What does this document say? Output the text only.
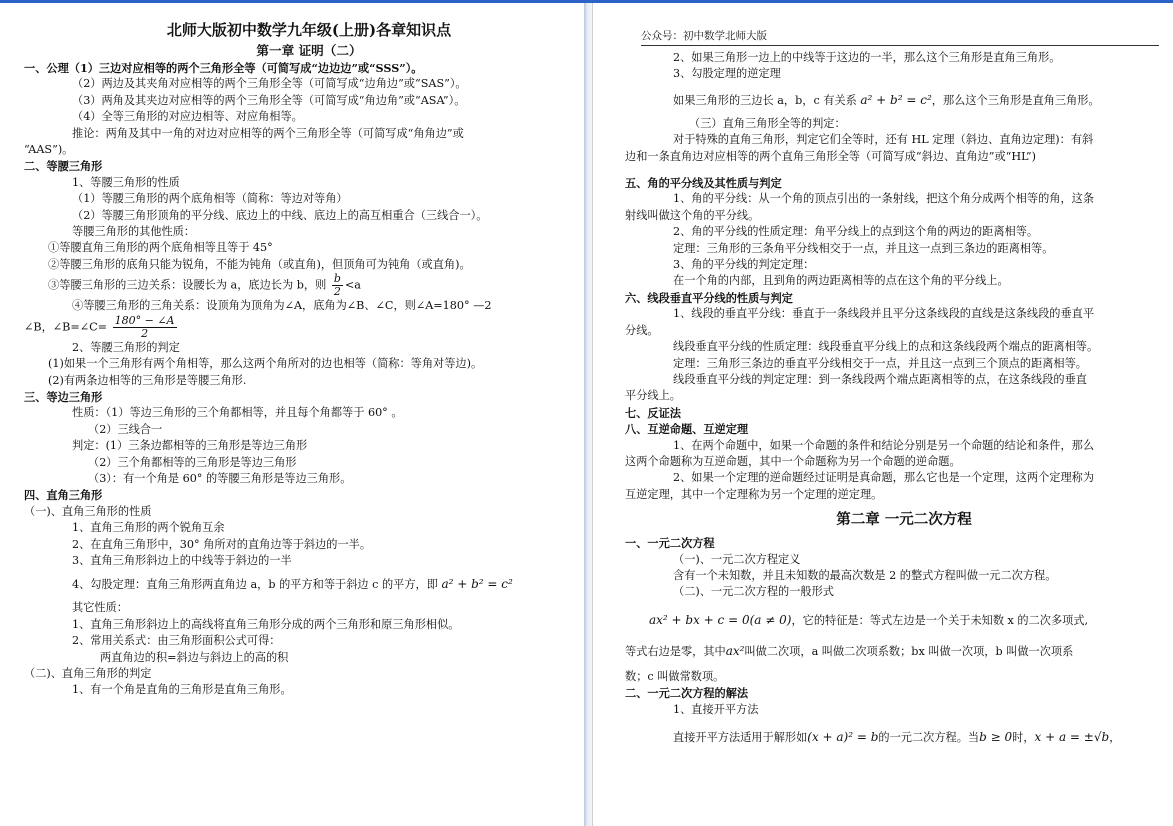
北师大版初中数学九年级(上册)各章知识点
第一章 证明（二）
一、公理（1）三边对应相等的两个三角形全等（可简写成“边边边”或“SSS”）。
（2）两边及其夹角对应相等的两个三角形全等（可简写成“边角边”或“SAS”）。
（3）两角及其夹边对应相等的两个三角形全等（可简写成“角边角”或“ASA”）。
（4）全等三角形的对应边相等、对应角相等。
推论：两角及其中一角的对边对应相等的两个三角形全等（可简写成“角角边”或
“AAS”)。
二、等腰三角形
1、等腰三角形的性质
（1）等腰三角形的两个底角相等（简称：等边对等角）
（2）等腰三角形顶角的平分线、底边上的中线、底边上的高互相重合（三线合一）。
等腰三角形的其他性质：
①等腰直角三角形的两个底角相等且等于 45°
②等腰三角形的底角只能为锐角，不能为钝角（或直角)，但顶角可为钝角（或直角)。
③等腰三角形的三边关系：设腰长为 a，底边长为 b，则 $\frac{b}{2} <a$
④等腰三角形的三角关系：设顶角为顶角为∠A，底角为∠B、∠C，则∠A=180° —2
∠B，∠B=∠C= $\frac{180^\circ - \angle A}{2}$
2、等腰三角形的判定
(1)如果一个三角形有两个角相等，那么这两个角所对的边也相等（简称：等角对等边)。
(2)有两条边相等的三角形是等腰三角形.
三、等边三角形
性质：（1）等边三角形的三个角都相等，并且每个角都等于 60° 。
（2）三线合一
判定：(1）三条边都相等的三角形是等边三角形
（2）三个角都相等的三角形是等边三角形
（3）：有一个角是 60° 的等腰三角形是等边三角形。
四、直角三角形
（一)、直角三角形的性质
1、直角三角形的两个锐角互余
2、在直角三角形中，30° 角所对的直角边等于斜边的一半。
3、直角三角形斜边上的中线等于斜边的一半
4、勾股定理：直角三角形两直角边 a，b 的平方和等于斜边 c 的平方，即 a² + b² = c²
其它性质：
1、直角三角形斜边上的高线将直角三角形分成的两个三角形和原三角形相似。
2、常用关系式：由三角形面积公式可得：
两直角边的积=斜边与斜边上的高的积
（二)、直角三角形的判定
1、有一个角是直角的三角形是直角三角形。
公众号：初中数学北师大版
2、如果三角形一边上的中线等于这边的一半，那么这个三角形是直角三角形。
3、勾股定理的逆定理
如果三角形的三边长 a，b，c 有关系 a² + b² = c²，那么这个三角形是直角三角形。
（三）直角三角形全等的判定：
对于特殊的直角三角形，判定它们全等时，还有 HL 定理（斜边、直角边定理)：有斜
边和一条直角边对应相等的两个直角三角形全等（可简写成“斜边、直角边”或“HL”)
五、角的平分线及其性质与判定
1、角的平分线：从一个角的顶点引出的一条射线，把这个角分成两个相等的角，这条
射线叫做这个角的平分线。
2、角的平分线的性质定理：角平分线上的点到这个角的两边的距离相等。
定理：三角形的三条角平分线相交于一点，并且这一点到三条边的距离相等。
3、角的平分线的判定定理：
在一个角的内部，且到角的两边距离相等的点在这个角的平分线上。
六、线段垂直平分线的性质与判定
1、线段的垂直平分线：垂直于一条线段并且平分这条线段的直线是这条线段的垂直平
分线。
线段垂直平分线的性质定理：线段垂直平分线上的点和这条线段两个端点的距离相等。
定理：三角形三条边的垂直平分线相交于一点，并且这一点到三个顶点的距离相等。
线段垂直平分线的判定定理：到一条线段两个端点距离相等的点，在这条线段的垂直
平分线上。
七、反证法
八、互逆命题、互逆定理
1、在两个命题中，如果一个命题的条件和结论分别是另一个命题的结论和条件，那么
这两个命题称为互逆命题，其中一个命题称为另一个命题的逆命题。
2、如果一个定理的逆命题经过证明是真命题，那么它也是一个定理，这两个定理称为
互逆定理，其中一个定理称为另一个定理的逆定理。
第二章 一元二次方程
一、一元二次方程
（一)、一元二次方程定义
含有一个未知数，并且未知数的最高次数是 2 的整式方程叫做一元二次方程。
（二)、一元二次方程的一般形式
ax² + bx + c = 0(a ≠ 0)，它的特征是：等式左边是一个关于未知数 x 的二次多项式,
等式右边是零，其中ax²叫做二次项，a 叫做二次项系数；bx 叫做一次项，b 叫做一次项系
数；c 叫做常数项。
二、一元二次方程的解法
1、直接开平方法
直接开平方法适用于解形如(x + a)² = b的一元二次方程。当b ≥ 0时，x + a = ±√b，
